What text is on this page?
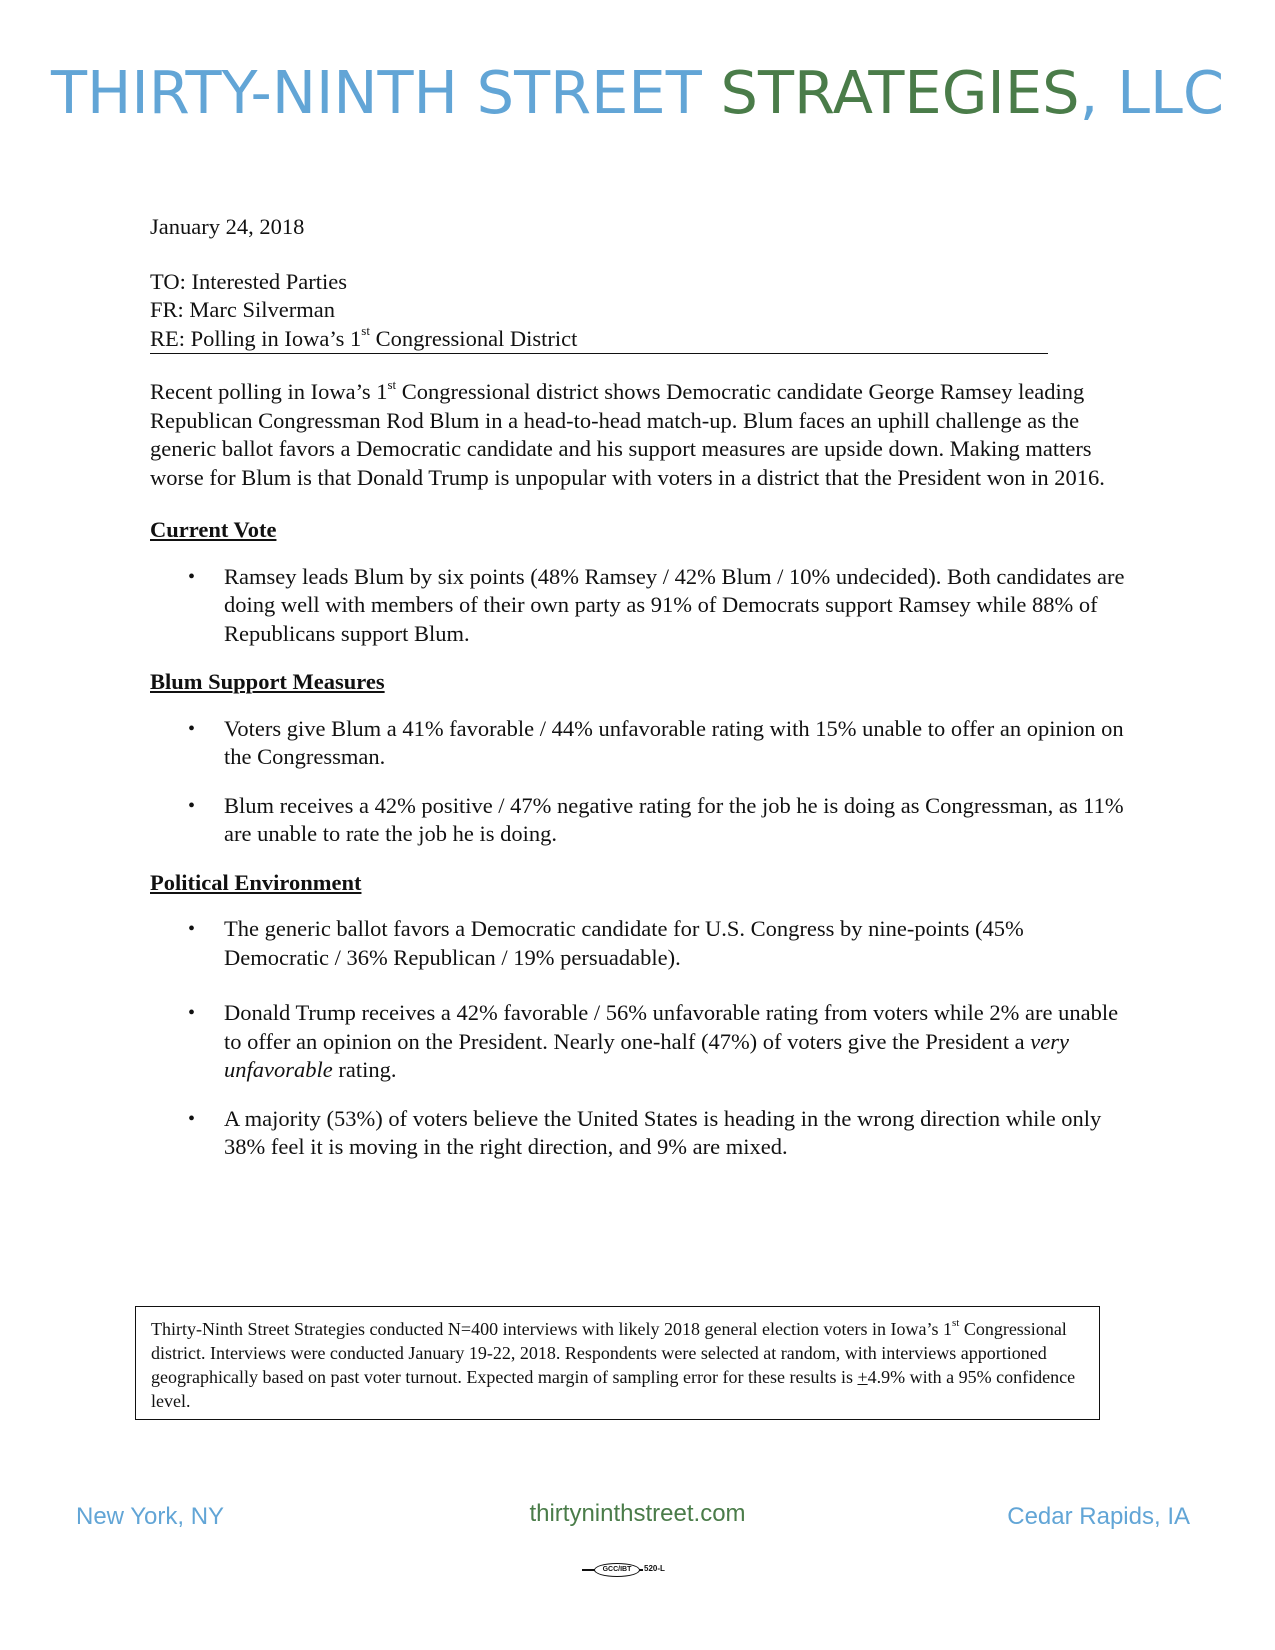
THIRTY-NINTH STREET STRATEGIES, LLC

January 24, 2018

TO: Interested Parties

FR: Marc Silverman

RE: Polling in Iowa’s 1st Congressional District

Recent polling in Iowa’s 1st Congressional district shows Democratic candidate George Ramsey leading Republican Congressman Rod Blum in a head-to-head match-up. Blum faces an uphill challenge as the generic ballot favors a Democratic candidate and his support measures are upside down. Making matters worse for Blum is that Donald Trump is unpopular with voters in a district that the President won in 2016.

Current Vote

• Ramsey leads Blum by six points (48% Ramsey / 42% Blum / 10% undecided). Both candidates are doing well with members of their own party as 91% of Democrats support Ramsey while 88% of Republicans support Blum.

Blum Support Measures

• Voters give Blum a 41% favorable / 44% unfavorable rating with 15% unable to offer an opinion on the Congressman.
• Blum receives a 42% positive / 47% negative rating for the job he is doing as Congressman, as 11% are unable to rate the job he is doing.

Political Environment

• The generic ballot favors a Democratic candidate for U.S. Congress by nine-points (45% Democratic / 36% Republican / 19% persuadable).
• Donald Trump receives a 42% favorable / 56% unfavorable rating from voters while 2% are unable to offer an opinion on the President. Nearly one-half (47%) of voters give the President a very unfavorable rating.
• A majority (53%) of voters believe the United States is heading in the wrong direction while only 38% feel it is moving in the right direction, and 9% are mixed.
Thirty-Ninth Street Strategies conducted N=400 interviews with likely 2018 general election voters in Iowa’s 1st Congressional district. Interviews were conducted January 19-22, 2018. Respondents were selected at random, with interviews apportioned geographically based on past voter turnout. Expected margin of sampling error for these results is +4.9% with a 95% confidence level.
New York, NY	thirtyninthstreet.com	Cedar Rapids, IA
GCC/IBT	520-L
